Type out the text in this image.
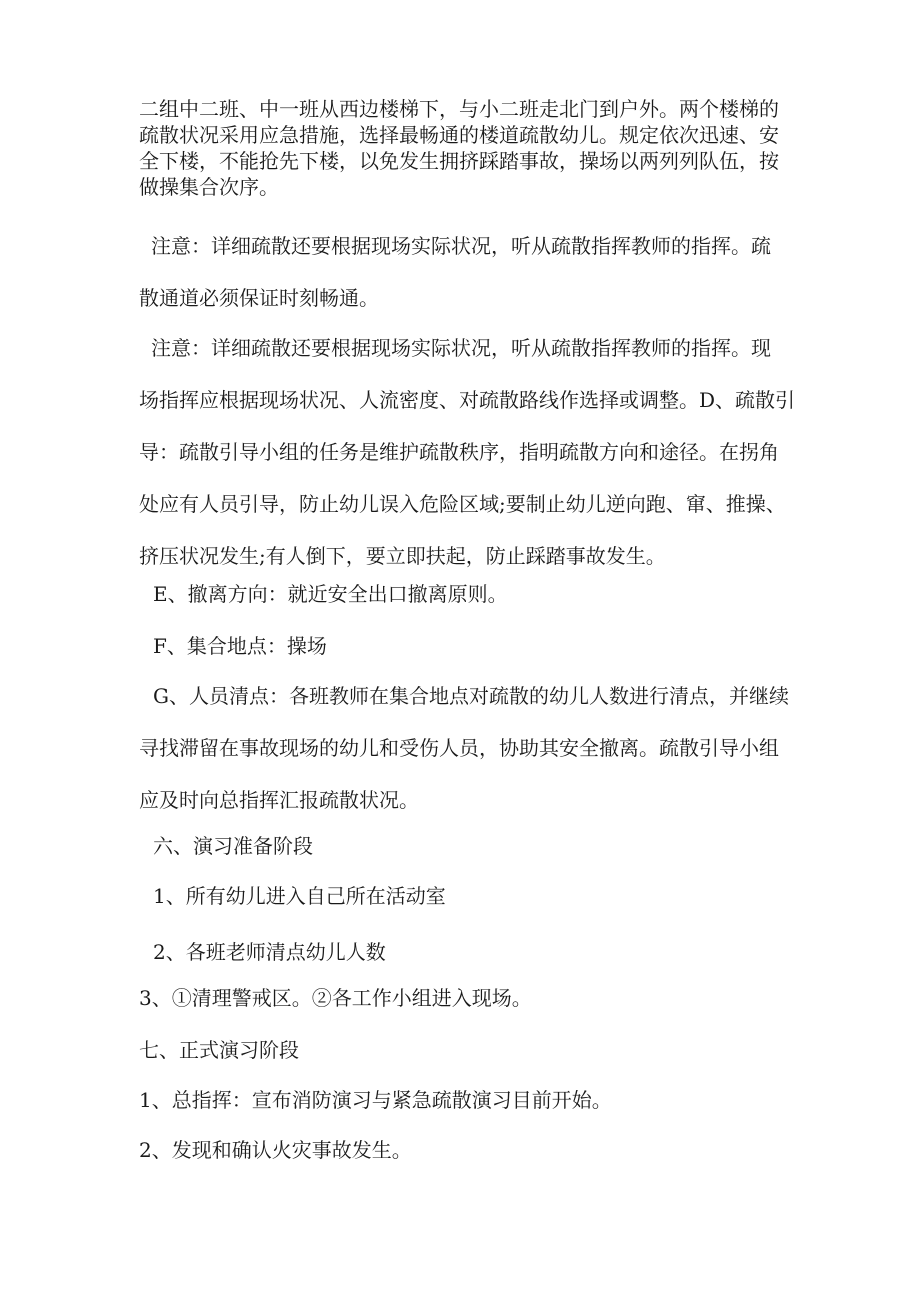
二组中二班、中一班从西边楼梯下，与小二班走北门到户外。两个楼梯的
疏散状况采用应急措施，选择最畅通的楼道疏散幼儿。规定依次迅速、安
全下楼，不能抢先下楼，以免发生拥挤踩踏事故，操场以两列列队伍，按
做操集合次序。
注意：详细疏散还要根据现场实际状况，听从疏散指挥教师的指挥。疏
散通道必须保证时刻畅通。
注意：详细疏散还要根据现场实际状况，听从疏散指挥教师的指挥。现
场指挥应根据现场状况、人流密度、对疏散路线作选择或调整。D、疏散引
导：疏散引导小组的任务是维护疏散秩序，指明疏散方向和途径。在拐角
处应有人员引导，防止幼儿误入危险区域;要制止幼儿逆向跑、窜、推操、
挤压状况发生;有人倒下，要立即扶起，防止踩踏事故发生。
E、撤离方向：就近安全出口撤离原则。
F、集合地点：操场
G、人员清点：各班教师在集合地点对疏散的幼儿人数进行清点，并继续
寻找滞留在事故现场的幼儿和受伤人员，协助其安全撤离。疏散引导小组
应及时向总指挥汇报疏散状况。
六、演习准备阶段
1、所有幼儿进入自己所在活动室
2、各班老师清点幼儿人数
3、①清理警戒区。②各工作小组进入现场。
七、正式演习阶段
1、总指挥：宣布消防演习与紧急疏散演习目前开始。
2、发现和确认火灾事故发生。
